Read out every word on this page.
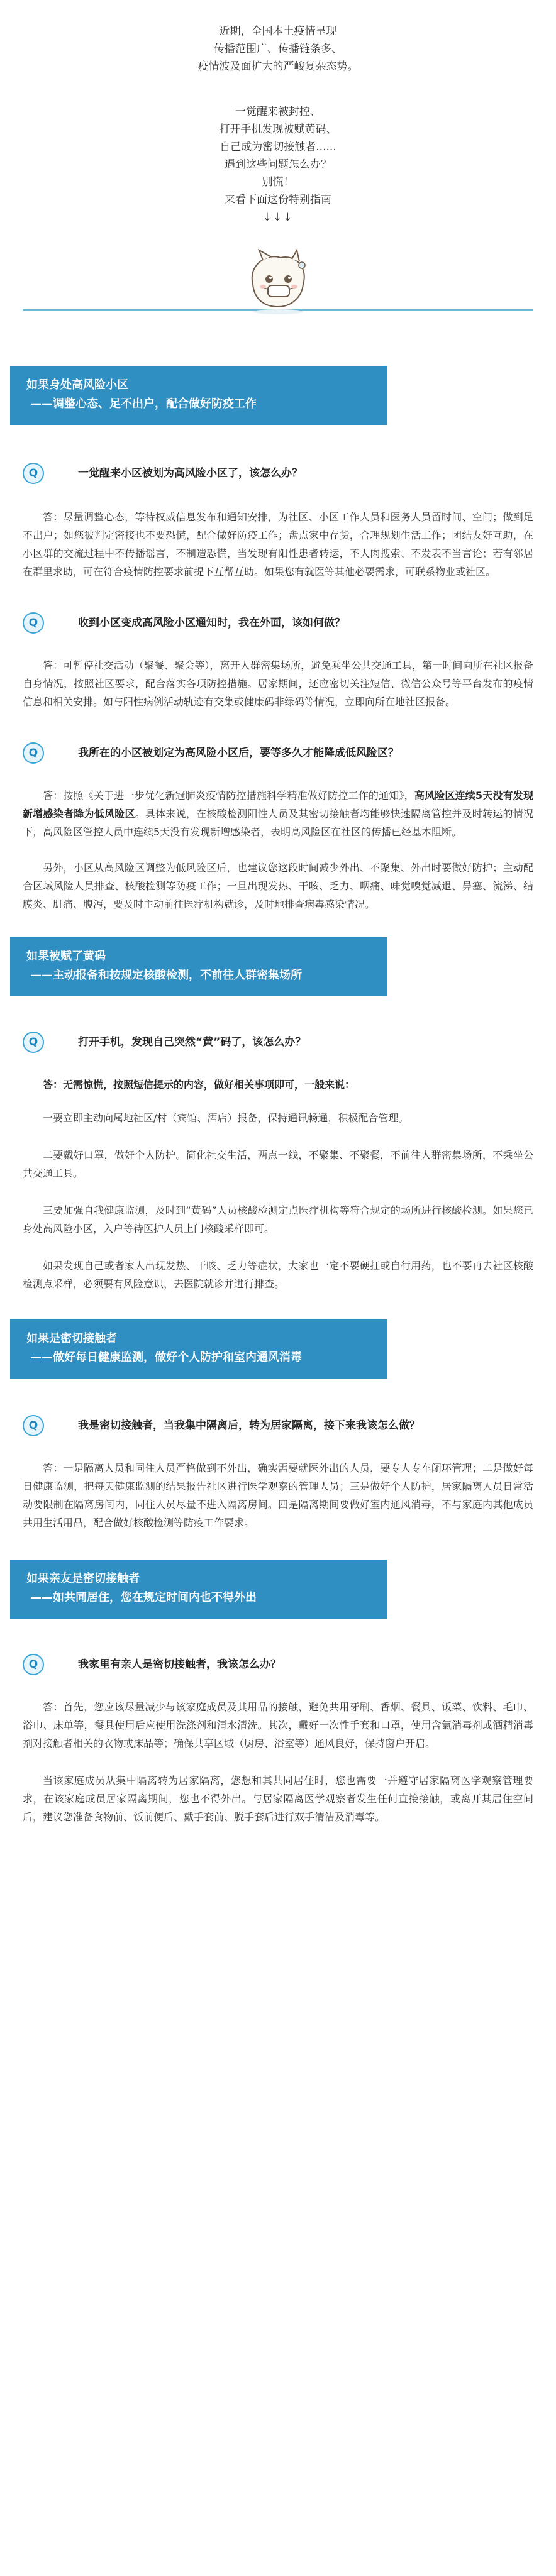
近期，全国本土疫情呈现

传播范围广、传播链条多、

疫情波及面扩大的严峻复杂态势。

一觉醒来被封控、

打开手机发现被赋黄码、

自己成为密切接触者......

遇到这些问题怎么办？

别慌！

来看下面这份特别指南

↓↓↓

如果身处高风险小区
——调整心态、足不出户，配合做好防疫工作
Q	一觉醒来小区被划为高风险小区了，该怎么办？

答：尽量调整心态，等待权威信息发布和通知安排，为社区、小区工作人员和医务人员留时间、空间；做到足不出户；如您被判定密接也不要恐慌，配合做好防疫工作；盘点家中存货，合理规划生活工作；团结友好互助，在小区群的交流过程中不传播谣言，不制造恐慌，当发现有阳性患者转运，不人肉搜索、不发表不当言论；若有邻居在群里求助，可在符合疫情防控要求前提下互帮互助。如果您有就医等其他必要需求，可联系物业或社区。

Q	收到小区变成高风险小区通知时，我在外面，该如何做？

答：可暂停社交活动（聚餐、聚会等），离开人群密集场所，避免乘坐公共交通工具，第一时间向所在社区报备自身情况，按照社区要求，配合落实各项防控措施。居家期间，还应密切关注短信、微信公众号等平台发布的疫情信息和相关安排。如与阳性病例活动轨迹有交集或健康码非绿码等情况，立即向所在地社区报备。

Q	我所在的小区被划定为高风险小区后，要等多久才能降成低风险区？

答：按照《关于进一步优化新冠肺炎疫情防控措施科学精准做好防控工作的通知》，高风险区连续5天没有发现新增感染者降为低风险区。具体来说，在核酸检测阳性人员及其密切接触者均能够快速隔离管控并及时转运的情况下，高风险区管控人员中连续5天没有发现新增感染者，表明高风险区在社区的传播已经基本阻断。

另外，小区从高风险区调整为低风险区后，也建议您这段时间减少外出、不聚集、外出时要做好防护；主动配合区域风险人员排查、核酸检测等防疫工作；一旦出现发热、干咳、乏力、咽痛、味觉嗅觉减退、鼻塞、流涕、结膜炎、肌痛、腹泻，要及时主动前往医疗机构就诊，及时地排查病毒感染情况。

如果被赋了黄码
——主动报备和按规定核酸检测，不前往人群密集场所
Q	打开手机，发现自己突然“黄”码了，该怎么办？

答：无需惊慌，按照短信提示的内容，做好相关事项即可，一般来说：

一要立即主动向属地社区/村（宾馆、酒店）报备，保持通讯畅通，积极配合管理。

二要戴好口罩，做好个人防护。简化社交生活，两点一线，不聚集、不聚餐，不前往人群密集场所，不乘坐公共交通工具。

三要加强自我健康监测，及时到“黄码”人员核酸检测定点医疗机构等符合规定的场所进行核酸检测。如果您已身处高风险小区，入户等待医护人员上门核酸采样即可。

如果发现自己或者家人出现发热、干咳、乏力等症状，大家也一定不要硬扛或自行用药，也不要再去社区核酸检测点采样，必须要有风险意识，去医院就诊并进行排查。

如果是密切接触者
——做好每日健康监测，做好个人防护和室内通风消毒
Q	我是密切接触者，当我集中隔离后，转为居家隔离，接下来我该怎么做？

答：一是隔离人员和同住人员严格做到不外出，确实需要就医外出的人员，要专人专车闭环管理；二是做好每日健康监测，把每天健康监测的结果报告社区进行医学观察的管理人员；三是做好个人防护，居家隔离人员日常活动要限制在隔离房间内，同住人员尽量不进入隔离房间。四是隔离期间要做好室内通风消毒，不与家庭内其他成员共用生活用品，配合做好核酸检测等防疫工作要求。

如果亲友是密切接触者
——如共同居住，您在规定时间内也不得外出
Q	我家里有亲人是密切接触者，我该怎么办？

答：首先，您应该尽量减少与该家庭成员及其用品的接触，避免共用牙刷、香烟、餐具、饭菜、饮料、毛巾、浴巾、床单等，餐具使用后应使用洗涤剂和清水清洗。其次，戴好一次性手套和口罩，使用含氯消毒剂或酒精消毒剂对接触者相关的衣物或床品等；确保共享区域（厨房、浴室等）通风良好，保持窗户开启。

当该家庭成员从集中隔离转为居家隔离，您想和其共同居住时，您也需要一并遵守居家隔离医学观察管理要求，在该家庭成员居家隔离期间，您也不得外出。与居家隔离医学观察者发生任何直接接触，或离开其居住空间后，建议您准备食物前、饭前便后、戴手套前、脱手套后进行双手清洁及消毒等。
